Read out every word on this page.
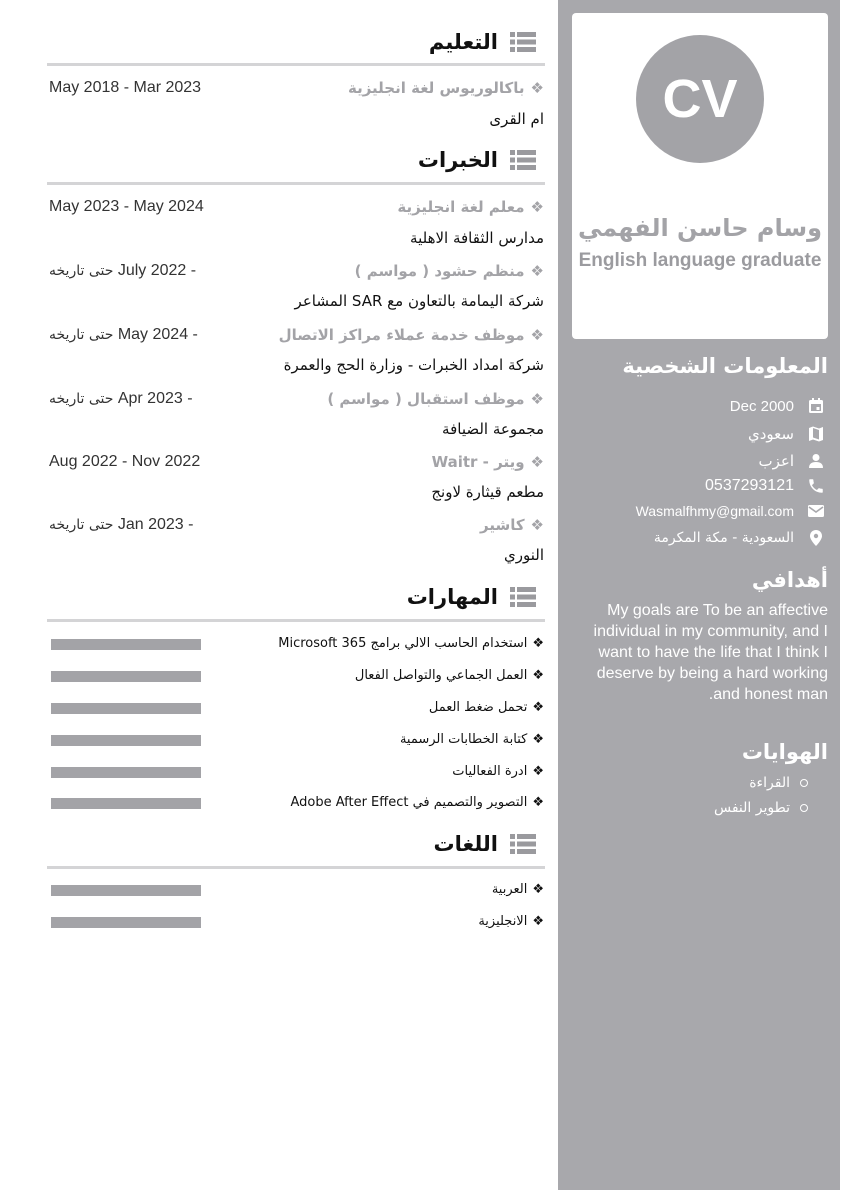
CV
وسام حاسن الفهمي
English language graduate
المعلومات الشخصية
Dec 2000
سعودي
اعزب
0537293121
Wasmalfhmy@gmail.com
السعودية - مكة المكرمة
أهدافي
My goals are To be an affective individual in my community, and I want to have the life that I think I deserve by being a hard working .and honest man
الهوايات
القراءة
تطوير النفس
التعليم
❖باكالوريوس لغة انجليزية
May 2018 - Mar 2023
ام القرى
الخبرات
❖معلم لغة انجليزية
May 2023 - May 2024
مدارس الثقافة الاهلية
❖منظم حشود ( مواسم )
حتى تاريخه July 2022 -
شركة اليمامة بالتعاون مع SAR المشاعر
❖موظف خدمة عملاء مراكز الاتصال
حتى تاريخه May 2024 -
شركة امداد الخبرات - وزارة الحج والعمرة
❖موظف استقبال ( مواسم )
حتى تاريخه Apr 2023 -
مجموعة الضيافة
❖ويتر - Waitr
Aug 2022 - Nov 2022
مطعم قيثارة لاونج
❖كاشير
حتى تاريخه Jan 2023 -
النوري
المهارات
❖استخدام الحاسب الالي برامج Microsoft 365
❖العمل الجماعي والتواصل الفعال
❖تحمل ضغط العمل
❖كتابة الخطابات الرسمية
❖ادرة الفعاليات
❖التصوير والتصميم في Adobe After Effect
اللغات
❖العربية
❖الانجليزية
